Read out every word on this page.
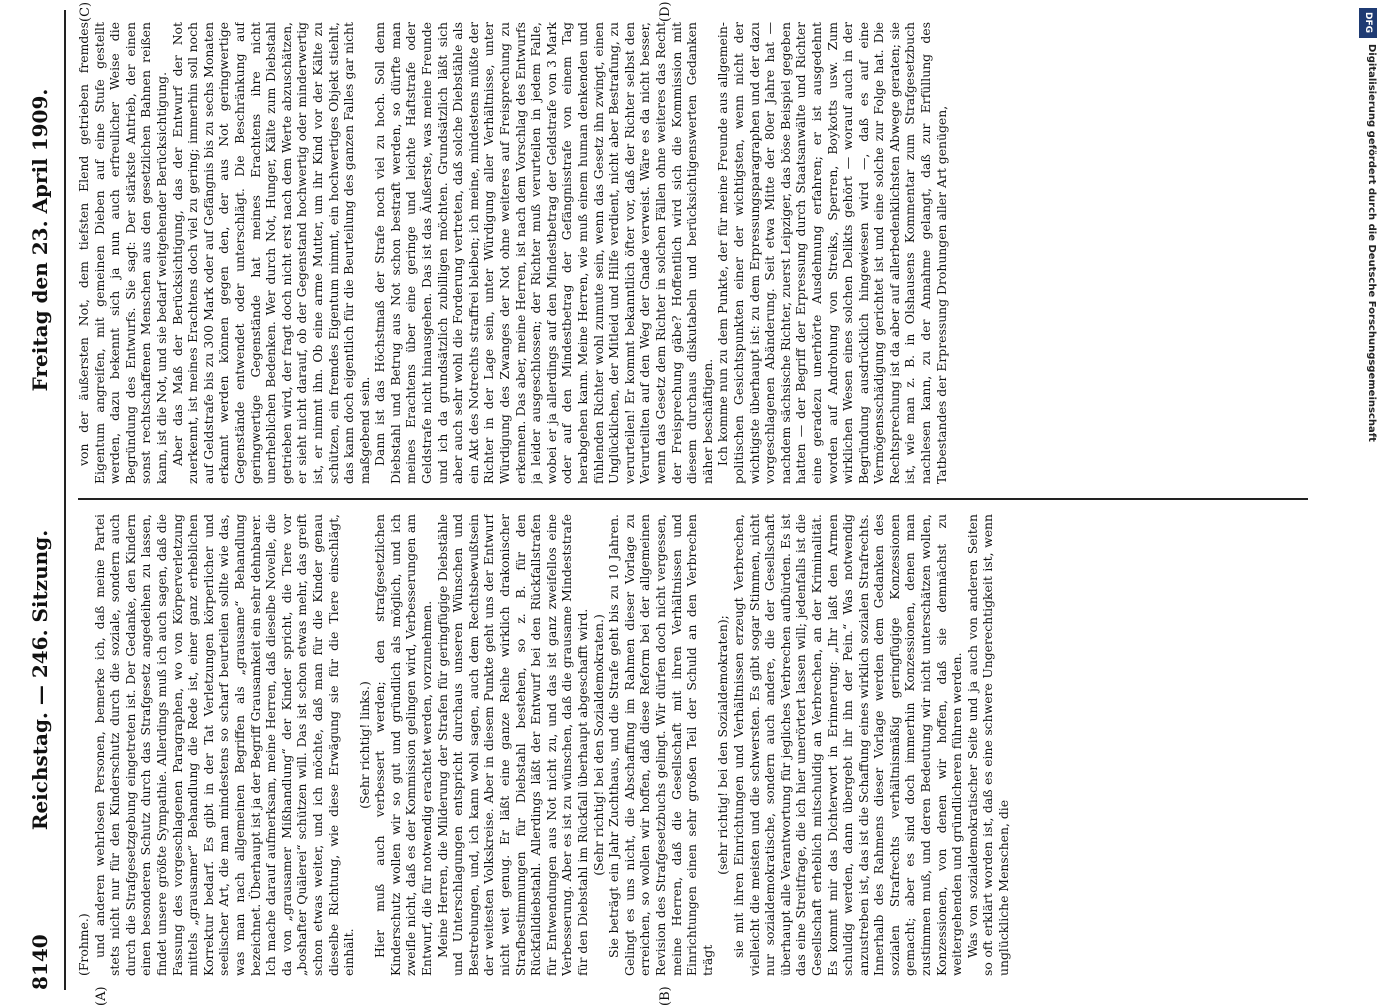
8140
Reichstag. — 246. Sitzung.
Freitag den 23. April 1909.
(A)	(B)
(C)	(D)

(Frohme.) und anderen wehrlosen Personen, bemerke ich, daß meine Partei stets nicht nur für den Kinderschutz durch die soziale, sondern auch durch die Strafgesetzgebung eingetreten ist. Der Gedanke, den Kindern einen besonderen Schutz durch das Strafgesetz angedeihen zu lassen, findet unsere größte Sympathie. Allerdings muß ich auch sagen, daß die Fassung des vorgeschlagenen Paragraphen, wo von Körperverletzung mittels „grausamer“ Behandlung die Rede ist, einer ganz erheblichen Korrektur bedarf. Es gibt in der Tat Verletzungen körperlicher und seelischer Art, die man mindestens so scharf beurteilen sollte wie das, was man nach allgemeinen Begriffen als „grausame“ Behandlung bezeichnet. Überhaupt ist ja der Begriff Grausamkeit ein sehr dehnbarer. Ich mache darauf aufmerksam, meine Herren, daß dieselbe Novelle, die da von „grausamer Mißhandlung“ der Kinder spricht, die Tiere vor „boshafter Quälerei“ schützen will. Das ist schon etwas mehr, das greift schon etwas weiter, und ich möchte, daß man für die Kinder genau dieselbe Richtung, wie diese Erwägung sie für die Tiere einschlägt, einhält.

(Sehr richtig! links.) Hier muß auch verbessert werden; den strafgesetzlichen Kinderschutz wollen wir so gut und gründlich als möglich, und ich zweifle nicht, daß es der Kommission gelingen wird, Verbesserungen am Entwurf, die für notwendig erachtet werden, vorzunehmen. Meine Herren, die Milderung der Strafen für geringfügige Diebstähle und Unterschlagungen entspricht durchaus unseren Wünschen und Bestrebungen, und, ich kann wohl sagen, auch dem Rechtsbewußtsein der weitesten Volkskreise. Aber in diesem Punkte geht uns der Entwurf nicht weit genug. Er läßt eine ganze Reihe wirklich drakonischer Strafbestimmungen für Diebstahl bestehen, so z. B. für den Rückfalldiebstahl. Allerdings läßt der Entwurf bei den Rückfallstrafen für Entwendungen aus Not nicht zu, und das ist ganz zweifellos eine Verbesserung. Aber es ist zu wünschen, daß die grausame Mindeststrafe für den Diebstahl im Rückfall überhaupt abgeschafft wird. (Sehr richtig! bei den Sozialdemokraten.) Sie beträgt ein Jahr Zuchthaus, und die Strafe geht bis zu 10 Jahren. Gelingt es uns nicht, die Abschaffung im Rahmen dieser Vorlage zu erreichen, so wollen wir hoffen, daß diese Reform bei der allgemeinen Revision des Strafgesetzbuchs gelingt. Wir dürfen doch nicht vergessen, meine Herren, daß die Gesellschaft mit ihren Verhältnissen und Einrichtungen einen sehr großen Teil der Schuld an den Verbrechen trägt

(sehr richtig! bei den Sozialdemokraten); sie mit ihren Einrichtungen und Verhältnissen erzeugt Verbrechen, vielleicht die meisten und die schwersten. Es gibt sogar Stimmen, nicht nur sozialdemokratische, sondern auch andere, die der Gesellschaft überhaupt alle Verantwortung für jegliches Verbrechen aufbürden. Es ist das eine Streitfrage, die ich hier unerörtert lassen will; jedenfalls ist die Gesellschaft erheblich mitschuldig an Verbrechen, an der Kriminalität. Es kommt mir das Dichterwort in Erinnerung: „Ihr laßt den Armen schuldig werden, dann übergebt ihr ihn der Pein.“ Was notwendig anzustreben ist, das ist die Schaffung eines wirklich sozialen Strafrechts. Innerhalb des Rahmens dieser Vorlage werden dem Gedanken des sozialen Strafrechts verhältnismäßig geringfügige Konzessionen gemacht; aber es sind doch immerhin Konzessionen, denen man zustimmen muß, und deren Bedeutung wir nicht unterschätzen wollen, Konzessionen, von denen wir hoffen, daß sie demnächst zu weitergehenden und gründlicheren führen werden. Was von sozialdemokratischer Seite und ja auch von anderen Seiten so oft erklärt worden ist, daß es eine schwere Ungerechtigkeit ist, wenn unglückliche Menschen, die

von der äußersten Not, dem tiefsten Elend getrieben fremdes Eigentum angreifen, mit gemeinen Dieben auf eine Stufe gestellt werden, dazu bekennt sich ja nun auch erfreulicher Weise die Begründung des Entwurfs. Sie sagt: Der stärkste Antrieb, der einen sonst rechtschaffenen Menschen aus den gesetzlichen Bahnen reißen kann, ist die Not, und sie bedarf weitgehender Berücksichtigung. Aber das Maß der Berücksichtigung, das der Entwurf der Not zuerkennt, ist meines Erachtens doch viel zu gering; immerhin soll noch auf Geldstrafe bis zu 300 Mark oder auf Gefängnis bis zu sechs Monaten erkannt werden können gegen den, der aus Not geringwertige Gegenstände entwendet oder unterschlägt. Die Beschränkung auf geringwertige Gegenstände hat meines Erachtens ihre nicht unerheblichen Bedenken. Wer durch Not, Hunger, Kälte zum Diebstahl getrieben wird, der fragt doch nicht erst nach dem Werte abzuschätzen, er sieht nicht darauf, ob der Gegenstand hochwertig oder minderwertig ist, er nimmt ihn. Ob eine arme Mutter, um ihr Kind vor der Kälte zu schützen, ein fremdes Eigentum nimmt, ein hochwertiges Objekt stiehlt, das kann doch eigentlich für die Beurteilung des ganzen Falles gar nicht maßgebend sein. Dann ist das Höchstmaß der Strafe noch viel zu hoch. Soll denn Diebstahl und Betrug aus Not schon bestraft werden, so dürfte man meines Erachtens über eine geringe und leichte Haftstrafe oder Geldstrafe nicht hinausgehen. Das ist das Äußerste, was meine Freunde und ich da grundsätzlich zubilligen möchten. Grundsätzlich läßt sich aber auch sehr wohl die Forderung vertreten, daß solche Diebstähle als ein Akt des Notrechts straffrei bleiben; ich meine, mindestens müßte der Richter in der Lage sein, unter Würdigung aller Verhältnisse, unter Würdigung des Zwanges der Not ohne weiteres auf Freisprechung zu erkennen. Das aber, meine Herren, ist nach dem Vorschlag des Entwurfs ja leider ausgeschlossen; der Richter muß verurteilen in jedem Falle, wobei er ja allerdings auf den Mindestbetrag der Geldstrafe von 3 Mark oder auf den Mindestbetrag der Gefängnisstrafe von einem Tag herabgehen kann. Meine Herren, wie muß einem human denkenden und fühlenden Richter wohl zumute sein, wenn das Gesetz ihn zwingt, einen Unglücklichen, der Mitleid und Hilfe verdient, nicht aber Bestrafung, zu verurteilen! Er kommt bekanntlich öfter vor, daß der Richter selbst den Verurteilten auf den Weg der Gnade verweist. Wäre es da nicht besser, wenn das Gesetz dem Richter in solchen Fällen ohne weiteres das Recht der Freisprechung gäbe? Hoffentlich wird sich die Kommission mit diesem durchaus diskutabeln und berücksichtigenswerten Gedanken näher beschäftigen. Ich komme nun zu dem Punkte, der für meine Freunde aus allgemein-politischen Gesichtspunkten einer der wichtigsten, wenn nicht der wichtigste überhaupt ist: zu dem Erpressungsparagraphen und der dazu vorgeschlagenen Abänderung. Seit etwa Mitte der 80er Jahre hat — nachdem sächsische Richter, zuerst Leipziger, das böse Beispiel gegeben hatten — der Begriff der Erpressung durch Staatsanwälte und Richter eine geradezu unerhörte Ausdehnung erfahren; er ist ausgedehnt worden auf Androhung von Streiks, Sperren, Boykotts usw. Zum wirklichen Wesen eines solchen Delikts gehört — worauf auch in der Begründung ausdrücklich hingewiesen wird —, daß es auf eine Vermögensschädigung gerichtet ist und eine solche zur Folge hat. Die Rechtsprechung ist da aber auf allerbedenklichsten Abwege geraten; sie ist, wie man z. B. in Olshausens Kommentar zum Strafgesetzbuch nachlesen kann, zu der Annahme gelangt, daß zur Erfüllung des Tatbestandes der Erpressung Drohungen aller Art genügen,

DFG
Digitalisierung gefördert durch die Deutsche Forschungsgemeinschaft
